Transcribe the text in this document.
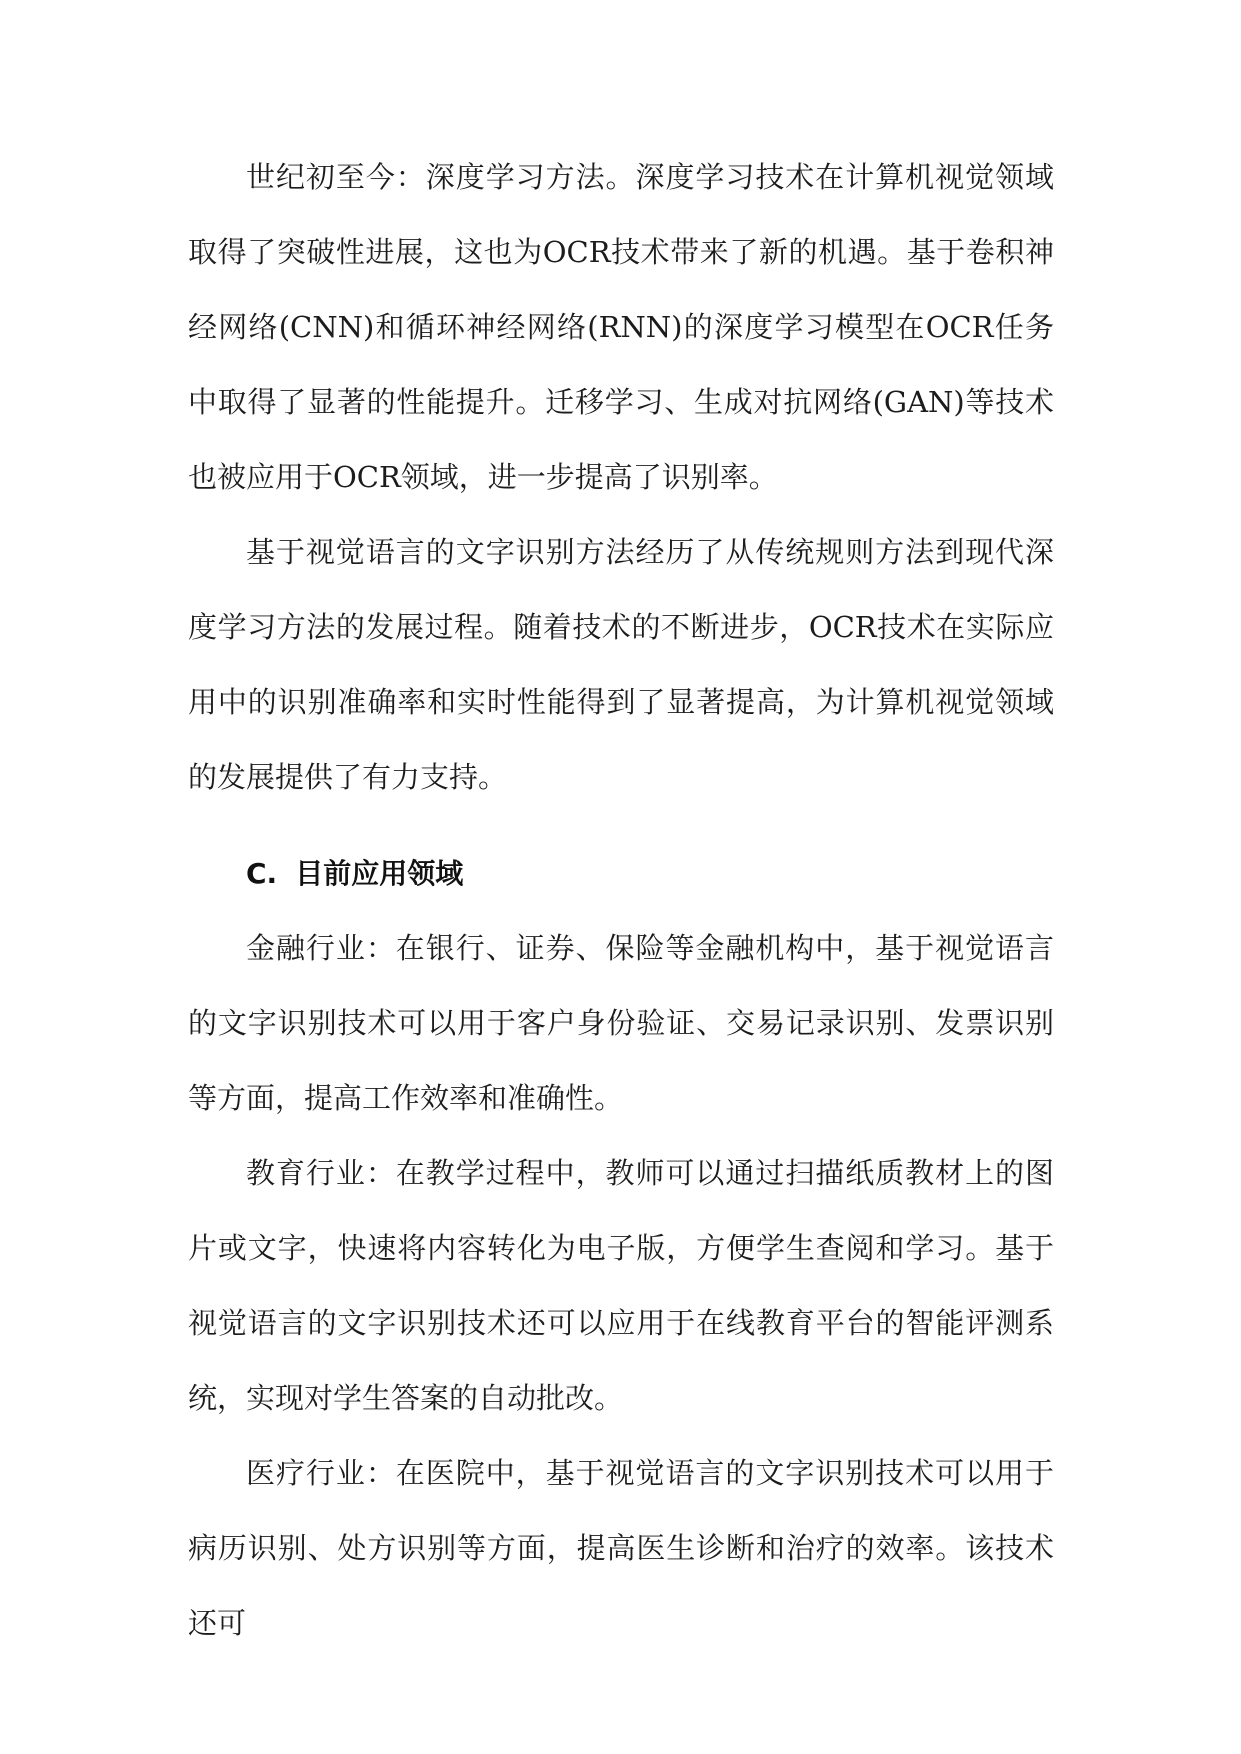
世纪初至今：深度学习方法。深度学习技术在计算机视觉领域取得了突破性进展，这也为OCR技术带来了新的机遇。基于卷积神经网络(CNN)和循环神经网络(RNN)的深度学习模型在OCR任务中取得了显著的性能提升。迁移学习、生成对抗网络(GAN)等技术也被应用于OCR领域，进一步提高了识别率。

基于视觉语言的文字识别方法经历了从传统规则方法到现代深度学习方法的发展过程。随着技术的不断进步，OCR技术在实际应用中的识别准确率和实时性能得到了显著提高，为计算机视觉领域的发展提供了有力支持。

C. 目前应用领域

金融行业：在银行、证券、保险等金融机构中，基于视觉语言的文字识别技术可以用于客户身份验证、交易记录识别、发票识别等方面，提高工作效率和准确性。

教育行业：在教学过程中，教师可以通过扫描纸质教材上的图片或文字，快速将内容转化为电子版，方便学生查阅和学习。基于视觉语言的文字识别技术还可以应用于在线教育平台的智能评测系统，实现对学生答案的自动批改。

医疗行业：在医院中，基于视觉语言的文字识别技术可以用于病历识别、处方识别等方面，提高医生诊断和治疗的效率。该技术还可
